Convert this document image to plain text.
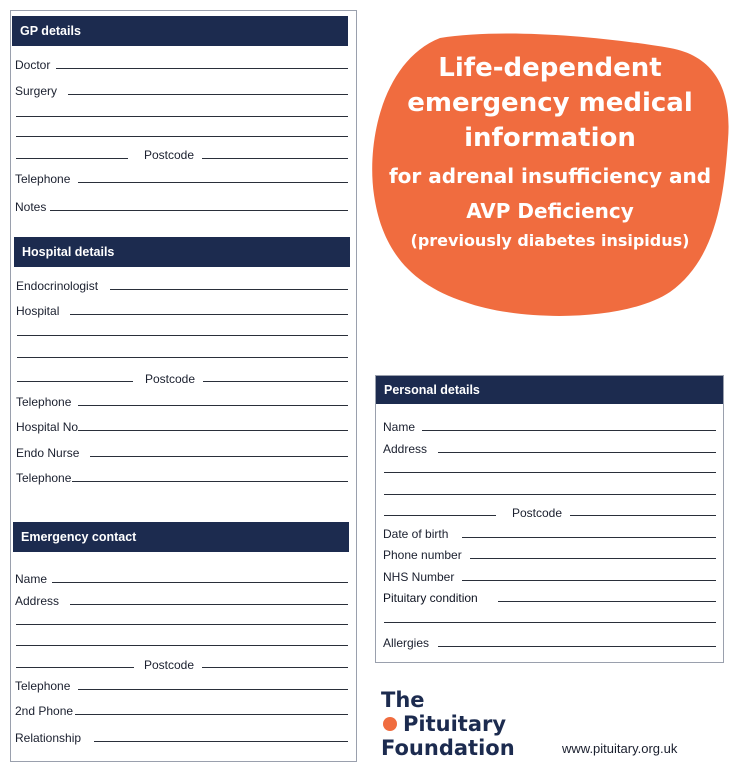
GP details
Doctor
Surgery
Postcode
Telephone
Notes
Hospital details
Endocrinologist
Hospital
Postcode
Telephone
Hospital No
Endo Nurse
Telephone
Emergency contact
Name
Address
Postcode
Telephone
2nd Phone
Relationship
Life-dependent
emergency medical
information
for adrenal insufficiency and
AVP Deficiency
(previously diabetes insipidus)
Personal details
Name
Address
Postcode
Date of birth
Phone number
NHS Number
Pituitary condition
Allergies
The
Pituitary
Foundation	www.pituitary.org.uk
